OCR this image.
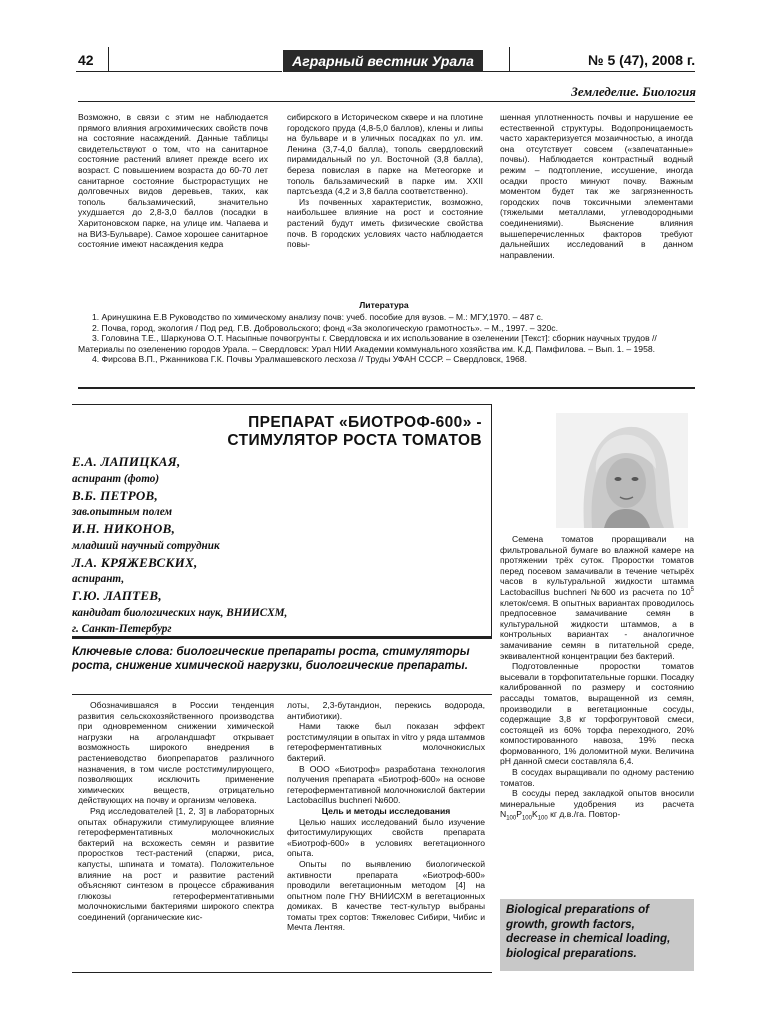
42	Аграрный вестник Урала	№ 5 (47), 2008 г.
Земледелие. Биология

Возможно, в связи с этим не наблюдается прямого влияния агрохимических свойств почв на состояние насаждений. Данные таблицы свидетельствуют о том, что на санитарное состояние растений влияет прежде всего их возраст. С повышением возраста до 60-70 лет санитарное состояние быстрорастущих не долговечных видов деревьев, таких, как тополь бальзамический, значительно ухудшается до 2,8-3,0 баллов (посадки в Харитоновском парке, на улице им. Чапаева и на ВИЗ-Бульваре). Самое хорошее санитарное состояние имеют насаждения кедра

сибирского в Историческом сквере и на плотине городского пруда (4,8-5,0 баллов), клены и липы на бульваре и в уличных посадках по ул. им. Ленина (3,7-4,0 балла), тополь свердловский пирамидальный по ул. Восточной (3,8 балла), береза повислая в парке на Метеогорке и тополь бальзамический в парке им. XXII партсъезда (4,2 и 3,8 балла соответственно).

Из почвенных характеристик, возможно, наибольшее влияние на рост и состояние растений будут иметь физические свойства почв. В городских условиях часто наблюдается повы-

шенная уплотненность почвы и нарушение ее естественной структуры. Водопроницаемость часто характеризуется мозаичностью, а иногда она отсутствует совсем («запечатанные» почвы). Наблюдается контрастный водный режим – подтопление, иссушение, иногда осадки просто минуют почву. Важным моментом будет так же загрязненность городских почв токсичными элементами (тяжелыми металлами, углеводородными соединениями). Выяснение влияния вышеперечисленных факторов требуют дальнейших исследований в данном направлении.

Литература
1. Аринушкина Е.В Руководство по химическому анализу почв: учеб. пособие для вузов. – М.: МГУ,1970. – 487 с.
2. Почва, город, экология / Под ред. Г.В. Добровольского; фонд «За экологическую грамотность». – М., 1997. – 320с.
3. Головина Т.Е., Шаркунова О.Т. Насыпные почвогрунты г. Свердловска и их использование в озеленении [Текст]: сборник научных трудов // Материалы по озеленению городов Урала. – Свердловск: Урал НИИ Академии коммунального хозяйства им. К.Д. Памфилова. – Вып. 1. – 1958.
4. Фирсова В.П., Ржанникова Г.К. Почвы Уралмашевского лесхоза // Труды УФАН СССР. – Свердловск, 1968.
ПРЕПАРАТ «БИОТРОФ-600» -
СТИМУЛЯТОР РОСТА ТОМАТОВ
Е.А. ЛАПИЦКАЯ,
аспирант (фото)
В.Б. ПЕТРОВ,
зав.опытным полем
И.Н. НИКОНОВ,
младший научный сотрудник
Л.А. КРЯЖЕВСКИХ,
аспирант,
Г.Ю. ЛАПТЕВ,
кандидат биологических наук, ВНИИСХМ,
г. Санкт-Петербург

Семена томатов проращивали на фильтровальной бумаге во влажной камере на протяжении трёх суток. Проростки томатов перед посевом замачивали в течение четырёх часов в культуральной жидкости штамма Lactobacillus buchneri №600 из расчета по $10^5$ клеток/семя. В опытных вариантах проводилось предпосевное замачивание семян в культуральной жидкости штаммов, а в контрольных вариантах - аналогичное замачивание семян в питательной среде, эквивалентной концентрации без бактерий.

Подготовленные проростки томатов высевали в торфопитательные горшки. Посадку калиброванной по размеру и состоянию рассады томатов, выращенной из семян, производили в вегетационные сосуды, содержащие 3,8 кг торфогрунтовой смеси, состоящей из 60% торфа переходного, 20% компостированного навоза, 19% песка формованного, 1% доломитной муки. Величина рН данной смеси составляла 6,4.

В сосудах выращивали по одному растению томатов.

В сосуды перед закладкой опытов вносили минеральные удобрения из расчета $N_{100}P_{100}K_{100}$ кг д.в./га. Повтор-

Ключевые слова: биологические препараты роста, стимуляторы роста, снижение химической нагрузки, биологические препараты.

Обозначившаяся в России тенденция развития сельскохозяйственного производства при одновременном снижении химической нагрузки на агроландшафт открывает возможность широкого внедрения в растениеводство биопрепаратов различного назначения, в том числе ростстимулирующего, позволяющих исключить применение химических веществ, отрицательно действующих на почву и организм человека.

Ряд исследователей [1, 2, 3] в лабораторных опытах обнаружили стимулирующее влияние гетероферментативных молочнокислых бактерий на всхожесть семян и развитие проростков тест-растений (спаржи, риса, капусты, шпината и томата). Положительное влияние на рост и развитие растений объясняют синтезом в процессе сбраживания глюкозы гетероферментативными молочнокислыми бактериями широкого спектра соединений (органические кис-

лоты, 2,3-бутандион, перекись водорода, антибиотики).

Нами также был показан эффект ростстимуляции в опытах in vitro у ряда штаммов гетероферментативных молочнокислых бактерий.

В ООО «Биотроф» разработана технология получения препарата «Биотроф-600» на основе гетероферментативной молочнокислой бактерии Lactobacillus buchneri №600.

Цель и методы исследования

Целью наших исследований было изучение фитостимулирующих свойств препарата «Биотроф-600» в условиях вегетационного опыта.

Опыты по выявлению биологической активности препарата «Биотроф-600» проводили вегетационным методом [4] на опытном поле ГНУ ВНИИСХМ в вегетационных домиках. В качестве тест-культур выбраны томаты трех сортов: Тяжеловес Сибири, Чибис и Мечта Лентяя.

Biological preparations of growth, growth factors, decrease in chemical loading, biological preparations.
